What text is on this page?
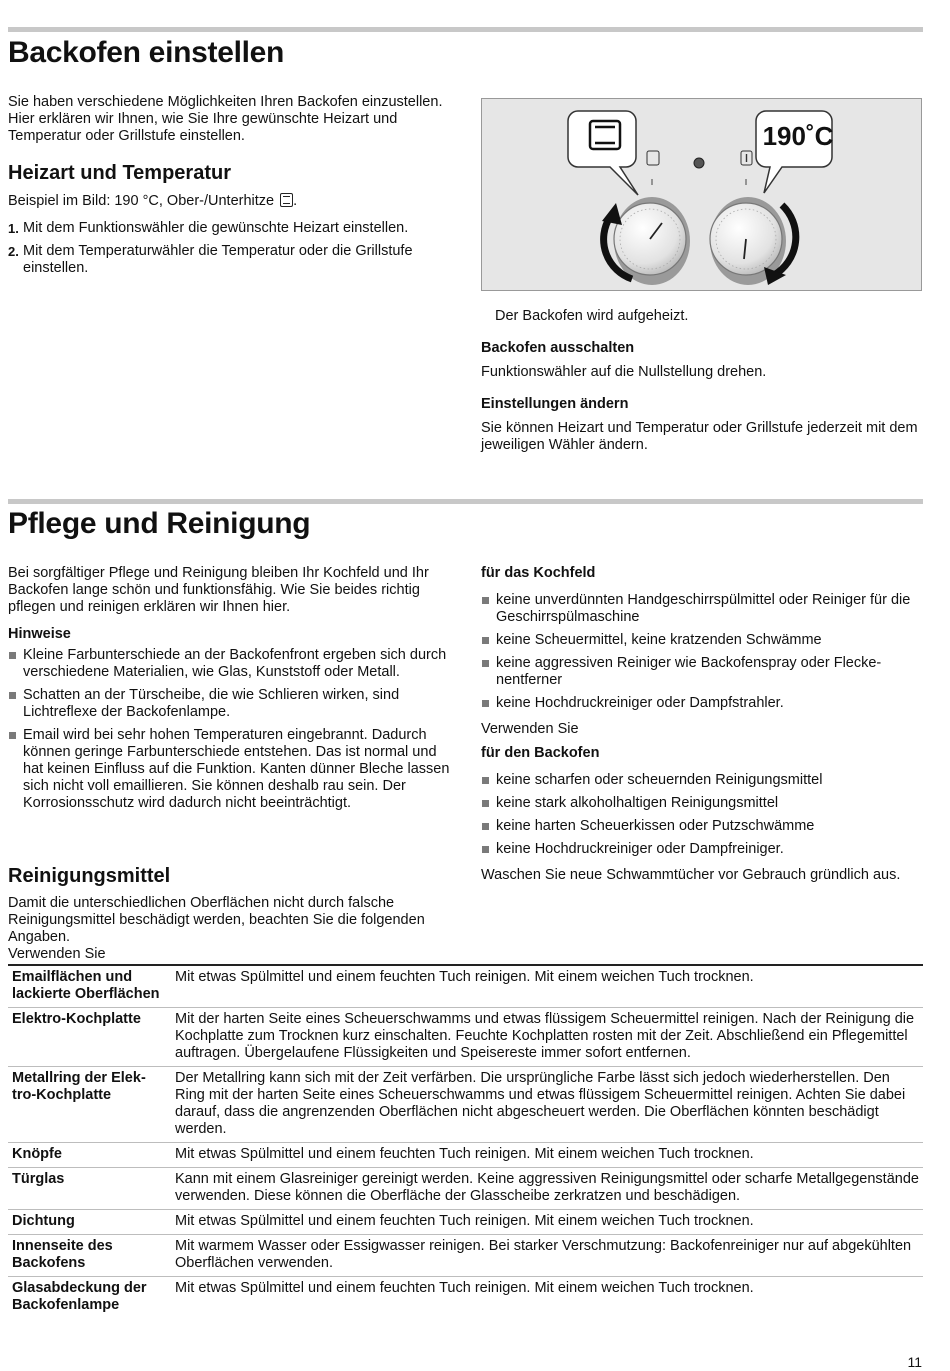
Backofen einstellen

Sie haben verschiedene Möglichkeiten Ihren Backofen einzustellen. Hier erklären wir Ihnen, wie Sie Ihre gewünschte Heizart und Temperatur oder Grillstufe einstellen.

Heizart und Temperatur

Beispiel im Bild: 190 °C, Ober-/Unterhitze .

1. Mit dem Funktionswähler die gewünschte Heizart einstellen.
2. Mit dem Temperaturwähler die Temperatur oder die Grillstufe einstellen.
190˚C

Der Backofen wird aufgeheizt.

Backofen ausschalten

Funktionswähler auf die Nullstellung drehen.

Einstellungen ändern

Sie können Heizart und Temperatur oder Grillstufe jederzeit mit dem jeweiligen Wähler ändern.

Pflege und Reinigung

Bei sorgfältiger Pflege und Reinigung bleiben Ihr Kochfeld und Ihr Backofen lange schön und funktionsfähig. Wie Sie beides richtig pflegen und reinigen erklären wir Ihnen hier.

Hinweise

Kleine Farbunterschiede an der Backofenfront ergeben sich durch verschiedene Materialien, wie Glas, Kunststoff oder Metall.
Schatten an der Türscheibe, die wie Schlieren wirken, sind Lichtreflexe der Backofenlampe.
Email wird bei sehr hohen Temperaturen eingebrannt. Dadurch können geringe Farbunterschiede entstehen. Das ist normal und hat keinen Einfluss auf die Funktion. Kanten dünner Bleche lassen sich nicht voll emaillieren. Sie können deshalb rau sein. Der Korrosionsschutz wird dadurch nicht beeinträchtigt.
Reinigungsmittel

Damit die unterschiedlichen Oberflächen nicht durch falsche Reinigungsmittel beschädigt werden, beachten Sie die folgenden Angaben.

Verwenden Sie

für das Kochfeld

keine unverdünnten Handgeschirrspülmittel oder Reiniger für die Geschirrspülmaschine
keine Scheuermittel, keine kratzenden Schwämme
keine aggressiven Reiniger wie Backofenspray oder Fleckenentferner
keine Hochdruckreiniger oder Dampfstrahler.

Verwenden Sie

für den Backofen

keine scharfen oder scheuernden Reinigungsmittel
keine stark alkoholhaltigen Reinigungsmittel
keine harten Scheuerkissen oder Putzschwämme
keine Hochdruckreiniger oder Dampfreiniger.

Waschen Sie neue Schwammtücher vor Gebrauch gründlich aus.

Emailflächen und lackierte Oberflächen	Mit etwas Spülmittel und einem feuchten Tuch reinigen. Mit einem weichen Tuch trocknen.
Elektro-Kochplatte	Mit der harten Seite eines Scheuerschwamms und etwas flüssigem Scheuermittel reinigen. Nach der Reinigung die Kochplatte zum Trocknen kurz einschalten. Feuchte Kochplatten rosten mit der Zeit. Abschließend ein Pflegemittel auftragen. Übergelaufene Flüssigkeiten und Speisereste immer sofort entfernen.
Metallring der Elektro-Kochplatte	Der Metallring kann sich mit der Zeit verfärben. Die ursprüngliche Farbe lässt sich jedoch wiederherstellen. Den Ring mit der harten Seite eines Scheuerschwamms und etwas flüssigem Scheuermittel reinigen. Achten Sie dabei darauf, dass die angrenzenden Oberflächen nicht abgescheuert werden. Die Oberflächen könnten beschädigt werden.
Knöpfe	Mit etwas Spülmittel und einem feuchten Tuch reinigen. Mit einem weichen Tuch trocknen.
Türglas	Kann mit einem Glasreiniger gereinigt werden. Keine aggressiven Reinigungsmittel oder scharfe Metallgegenstände verwenden. Diese können die Oberfläche der Glasscheibe zerkratzen und beschädigen.
Dichtung	Mit etwas Spülmittel und einem feuchten Tuch reinigen. Mit einem weichen Tuch trocknen.
Innenseite des Backofens	Mit warmem Wasser oder Essigwasser reinigen. Bei starker Verschmutzung: Backofenreiniger nur auf abgekühlten Oberflächen verwenden.
Glasabdeckung der Backofenlampe	Mit etwas Spülmittel und einem feuchten Tuch reinigen. Mit einem weichen Tuch trocknen.
11
